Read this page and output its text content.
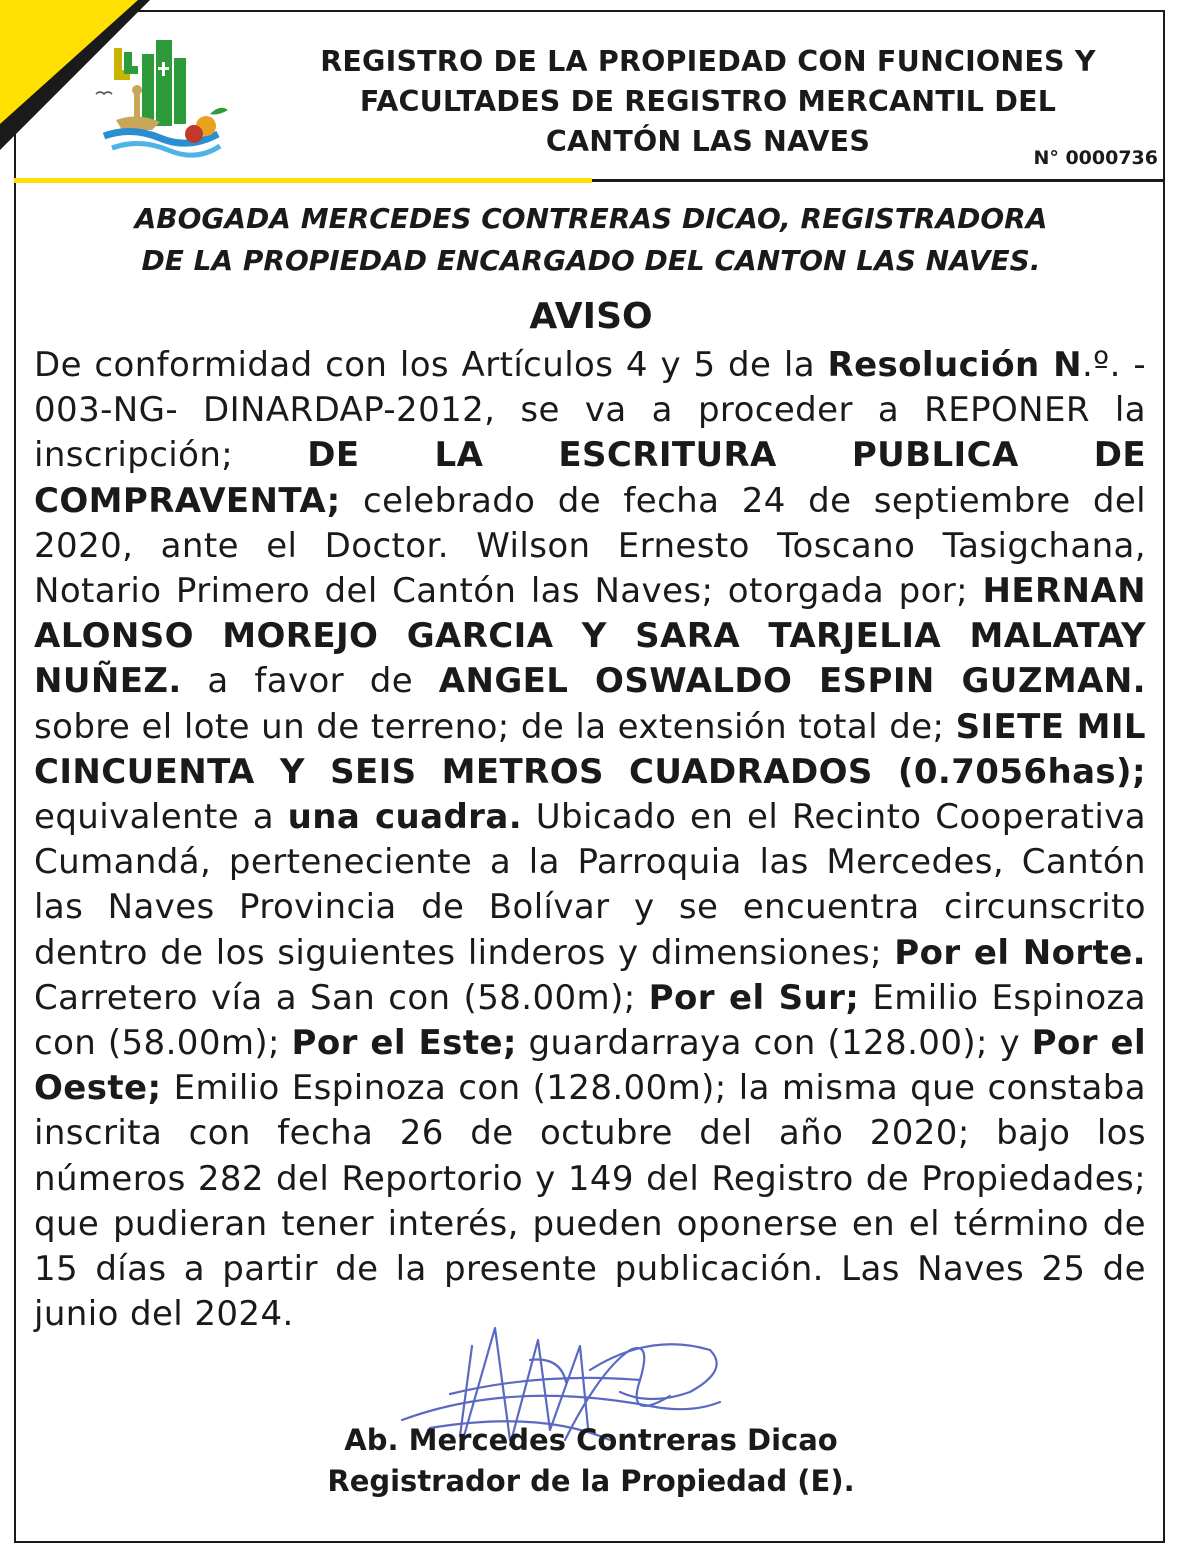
REGISTRO DE LA PROPIEDAD CON FUNCIONES Y
FACULTADES DE REGISTRO MERCANTIL DEL
CANTÓN LAS NAVES	N° 0000736
ABOGADA MERCEDES CONTRERAS DICAO, REGISTRADORA
DE LA PROPIEDAD ENCARGADO DEL CANTON LAS NAVES.
AVISO
De conformidad con los Artículos 4 y 5 de la Resolución N.º. - 003-NG- DINARDAP-2012, se va a proceder a REPONER la inscripción; DE LA ESCRITURA PUBLICA DE COMPRAVENTA; celebrado de fecha 24 de septiembre del 2020, ante el Doctor. Wilson Ernesto Toscano Tasigchana, Notario Primero del Cantón las Naves; otorgada por; HERNAN ALONSO MOREJO GARCIA Y SARA TARJELIA MALATAY NUÑEZ. a favor de ANGEL OSWALDO ESPIN GUZMAN. sobre el lote un de terreno; de la extensión total de; SIETE MIL CINCUENTA Y SEIS METROS CUADRADOS (0.7056has); equivalente a una cuadra. Ubicado en el Recinto Cooperativa Cumandá, perteneciente a la Parroquia las Mercedes, Cantón las Naves Provincia de Bolívar y se encuentra circunscrito dentro de los siguientes linderos y dimensiones; Por el Norte. Carretero vía a San con (58.00m); Por el Sur; Emilio Espinoza con (58.00m); Por el Este; guardarraya con (128.00); y Por el Oeste; Emilio Espinoza con (128.00m); la misma que constaba inscrita con fecha 26 de octubre del año 2020; bajo los números 282 del Reportorio y 149 del Registro de Propiedades; que pudieran tener interés, pueden oponerse en el término de 15 días a partir de la presente publicación. Las Naves 25 de junio del 2024.
Ab. Mercedes Contreras Dicao
Registrador de la Propiedad (E).
